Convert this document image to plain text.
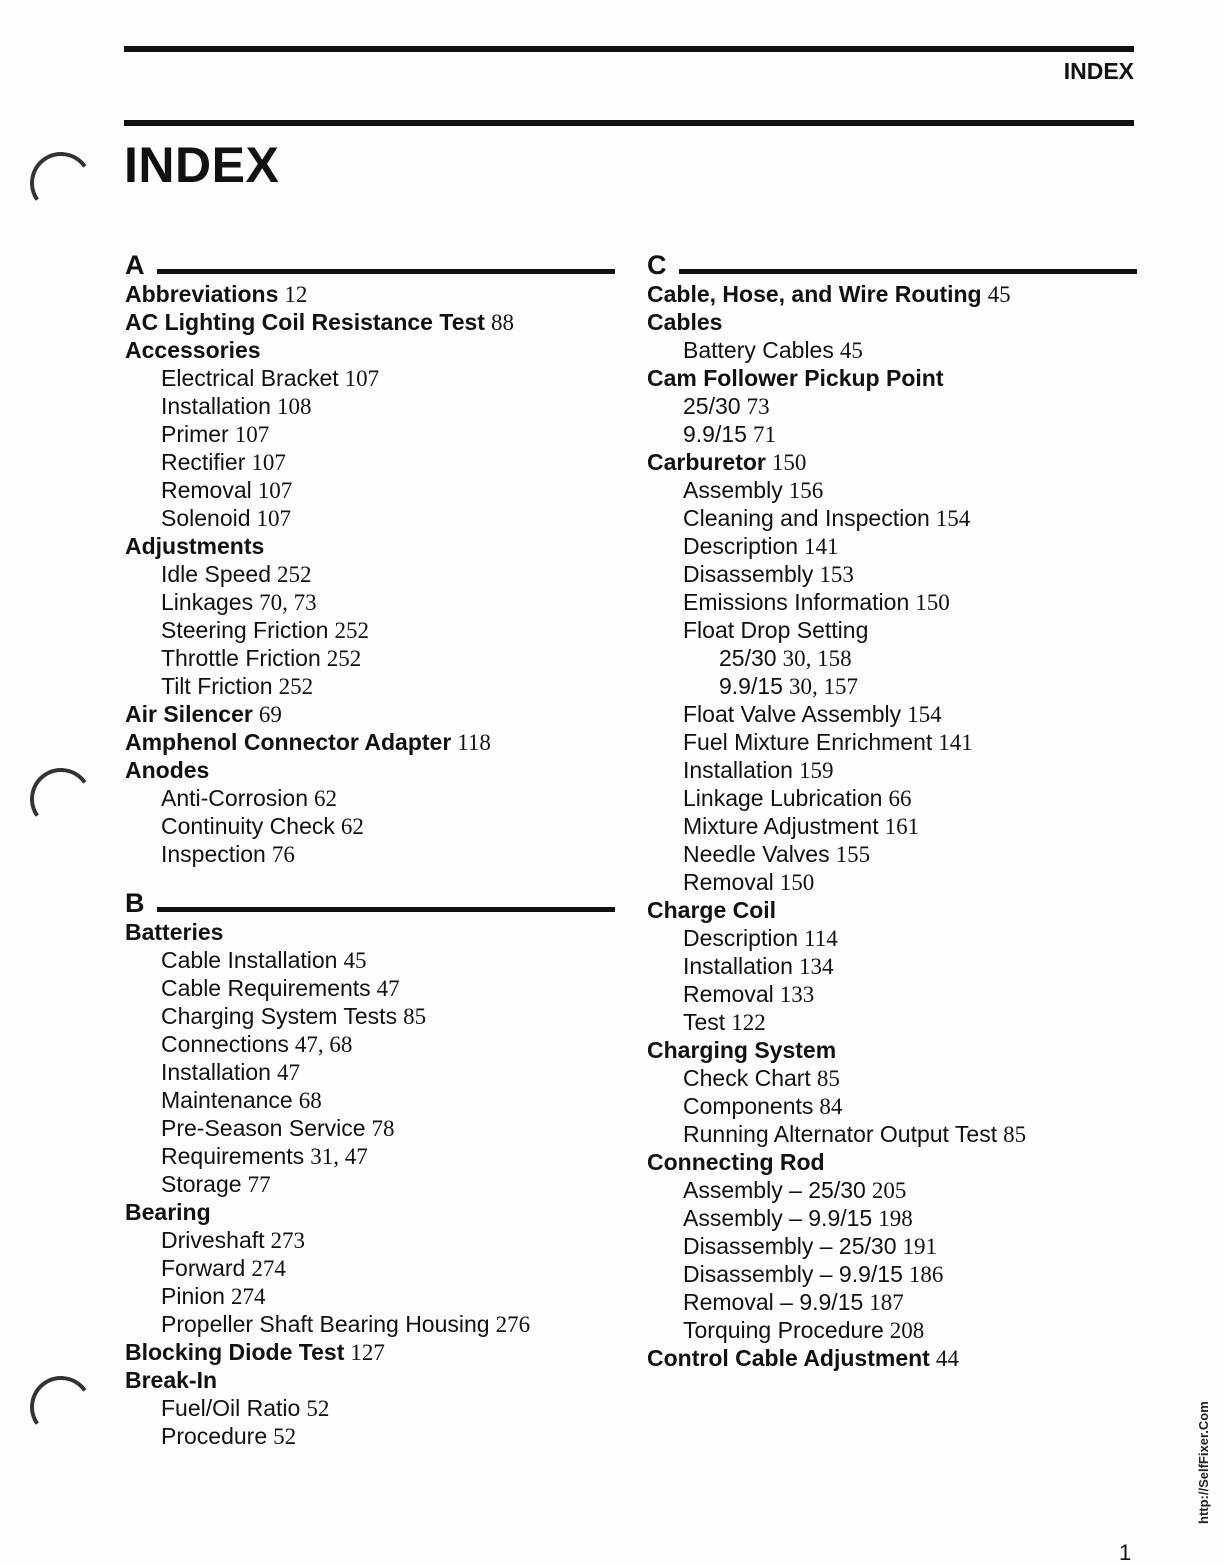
INDEX
INDEX
A
Abbreviations 12
AC Lighting Coil Resistance Test 88
Accessories
Electrical Bracket 107
Installation 108
Primer 107
Rectifier 107
Removal 107
Solenoid 107
Adjustments
Idle Speed 252
Linkages 70, 73
Steering Friction 252
Throttle Friction 252
Tilt Friction 252
Air Silencer 69
Amphenol Connector Adapter 118
Anodes
Anti-Corrosion 62
Continuity Check 62
Inspection 76
B
Batteries
Cable Installation 45
Cable Requirements 47
Charging System Tests 85
Connections 47, 68
Installation 47
Maintenance 68
Pre-Season Service 78
Requirements 31, 47
Storage 77
Bearing
Driveshaft 273
Forward 274
Pinion 274
Propeller Shaft Bearing Housing 276
Blocking Diode Test 127
Break-In
Fuel/Oil Ratio 52
Procedure 52
C
Cable, Hose, and Wire Routing 45
Cables
Battery Cables 45
Cam Follower Pickup Point
25/30 73
9.9/15 71
Carburetor 150
Assembly 156
Cleaning and Inspection 154
Description 141
Disassembly 153
Emissions Information 150
Float Drop Setting
25/30 30, 158
9.9/15 30, 157
Float Valve Assembly 154
Fuel Mixture Enrichment 141
Installation 159
Linkage Lubrication 66
Mixture Adjustment 161
Needle Valves 155
Removal 150
Charge Coil
Description 114
Installation 134
Removal 133
Test 122
Charging System
Check Chart 85
Components 84
Running Alternator Output Test 85
Connecting Rod
Assembly – 25/30 205
Assembly – 9.9/15 198
Disassembly – 25/30 191
Disassembly – 9.9/15 186
Removal – 9.9/15 187
Torquing Procedure 208
Control Cable Adjustment 44
1
http://SelfFixer.Com
